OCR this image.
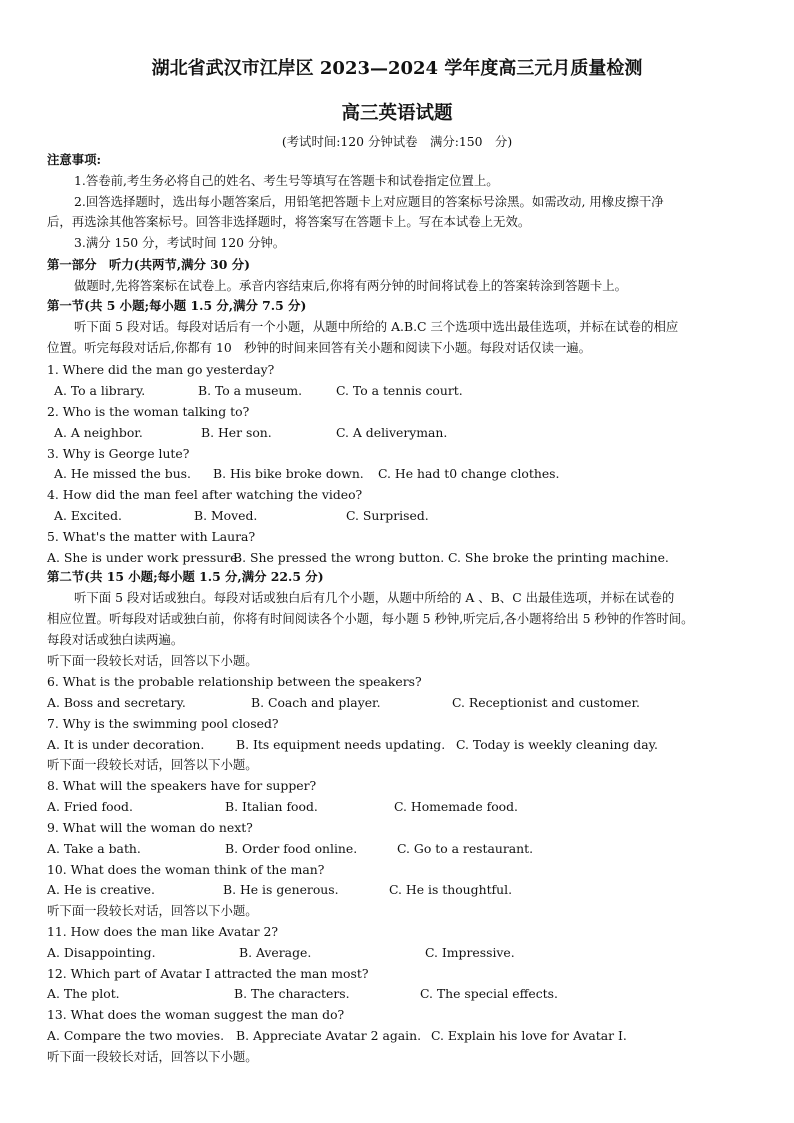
湖北省武汉市江岸区 2023—2024 学年度高三元月质量检测
高三英语试题
(考试时间:120 分钟试卷　满分:150　分)
注意事项:
1.答卷前,考生务必将自己的姓名、考生号等填写在答题卡和试卷指定位置上。
2.回答选择题时，选出每小题答案后，用铅笔把答题卡上对应题目的答案标号涂黑。如需改动, 用橡皮擦干净
后，再选涂其他答案标号。回答非选择题时，将答案写在答题卡上。写在本试卷上无效。
3.满分 150 分，考试时间 120 分钟。
第一部分　听力(共两节,满分 30 分)
做题时,先将答案标在试卷上。承音内容结束后,你将有两分钟的时间将试卷上的答案转涂到答题卡上。
第一节(共 5 小题;每小题 1.5 分,满分 7.5 分)
听下面 5 段对话。每段对话后有一个小题，从题中所给的 A.B.C 三个选项中选出最佳选项，并标在试卷的相应
位置。听完每段对话后,你都有 10　秒钟的时间来回答有关小题和阅读下小题。每段对话仅读一遍。
1. Where did the man go yesterday?
A. To a library.	B. To a museum.	C. To a tennis court.
2. Who is the woman talking to?
A. A neighbor.	B. Her son.	C. A deliveryman.
3. Why is George lute?
A. He missed the bus. B. His bike broke down. C. He had t0 change clothes.
4. How did the man feel after watching the video?
A. Excited.	B. Moved.	C. Surprised.
5. What's the matter with Laura?
A. She is under work pressure.
B. She pressed the wrong button. C. She broke the printing machine.
第二节(共 15 小题;每小题 1.5 分,满分 22.5 分)
听下面 5 段对话或独白。每段对话或独白后有几个小题，从题中所给的 A 、B、C 出最佳选项，并标在试卷的
相应位置。听每段对话或独白前，你将有时间阅读各个小题，每小题 5 秒钟,听完后,各小题将给出 5 秒钟的作答时间。
每段对话或独白读两遍。
听下面一段较长对话，回答以下小题。
6. What is the probable relationship between the speakers?
A. Boss and secretary.	B. Coach and player.	C. Receptionist and customer.
7. Why is the swimming pool closed?
A. It is under decoration.	B. Its equipment needs updating. C. Today is weekly cleaning day.
听下面一段较长对话，回答以下小题。
8. What will the speakers have for supper?
A. Fried food.	B. Italian food.	C. Homemade food.
9. What will the woman do next?
A. Take a bath.	B. Order food online.	C. Go to a restaurant.
10. What does the woman think of the man?
A. He is creative.	B. He is generous.	C. He is thoughtful.
听下面一段较长对话，回答以下小题。
11. How does the man like Avatar 2?
A. Disappointing.	B. Average.	C. Impressive.
12. Which part of Avatar I attracted the man most?
A. The plot.	B. The characters.	C. The special effects.
13. What does the woman suggest the man do?
A. Compare the two movies. B. Appreciate Avatar 2 again. C. Explain his love for Avatar I.
听下面一段较长对话，回答以下小题。
